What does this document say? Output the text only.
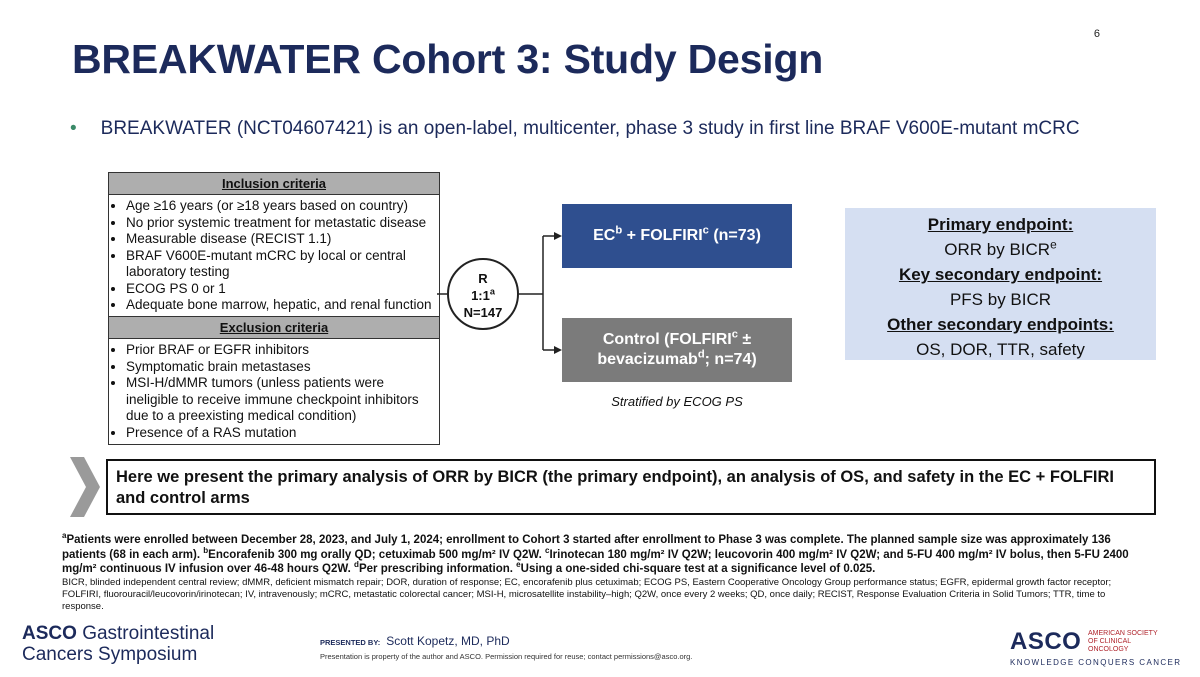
6
BREAKWATER Cohort 3: Study Design
• BREAKWATER (NCT04607421) is an open-label, multicenter, phase 3 study in first line BRAF V600E-mutant mCRC
Inclusion criteria
• Age ≥16 years (or ≥18 years based on country)
• No prior systemic treatment for metastatic disease
• Measurable disease (RECIST 1.1)
• BRAF V600E-mutant mCRC by local or central laboratory testing
• ECOG PS 0 or 1
• Adequate bone marrow, hepatic, and renal function
Exclusion criteria
• Prior BRAF or EGFR inhibitors
• Symptomatic brain metastases
• MSI-H/dMMR tumors (unless patients were ineligible to receive immune checkpoint inhibitors due to a preexisting medical condition)
• Presence of a RAS mutation
R
1:1$^a$
N=147
$EC^b$ + $FOLFIRI^c$ (n=73)
Control ($FOLFIRI^c$ ± bevacizumab$^d$; n=74)
Stratified by ECOG PS
Primary endpoint:
ORR by BICR$^e$
Key secondary endpoint:
PFS by BICR
Other secondary endpoints:
OS, DOR, TTR, safety
Here we present the primary analysis of ORR by BICR (the primary endpoint), an analysis of OS, and safety in the EC + FOLFIRI and control arms
$^a$Patients were enrolled between December 28, 2023, and July 1, 2024; enrollment to Cohort 3 started after enrollment to Phase 3 was complete. The planned sample size was approximately 136 patients (68 in each arm). $^b$Encorafenib 300 mg orally QD; cetuximab 500 mg/m² IV Q2W. $^c$Irinotecan 180 mg/m² IV Q2W; leucovorin 400 mg/m² IV Q2W; and 5-FU 400 mg/m² IV bolus, then 5-FU 2400 mg/m² continuous IV infusion over 46-48 hours Q2W. $^d$Per prescribing information. $^e$Using a one-sided chi-square test at a significance level of 0.025.
BICR, blinded independent central review; dMMR, deficient mismatch repair; DOR, duration of response; EC, encorafenib plus cetuximab; ECOG PS, Eastern Cooperative Oncology Group performance status; EGFR, epidermal growth factor receptor; FOLFIRI, fluorouracil/leucovorin/irinotecan; IV, intravenously; mCRC, metastatic colorectal cancer; MSI-H, microsatellite instability–high; Q2W, once every 2 weeks; QD, once daily; RECIST, Response Evaluation Criteria in Solid Tumors; TTR, time to response.
ASCO Gastrointestinal
Cancers Symposium
PRESENTED BY: Scott Kopetz, MD, PhD
Presentation is property of the author and ASCO. Permission required for reuse; contact permissions@asco.org.
ASCO AMERICAN SOCIETY OF CLINICAL ONCOLOGY
KNOWLEDGE CONQUERS CANCER
